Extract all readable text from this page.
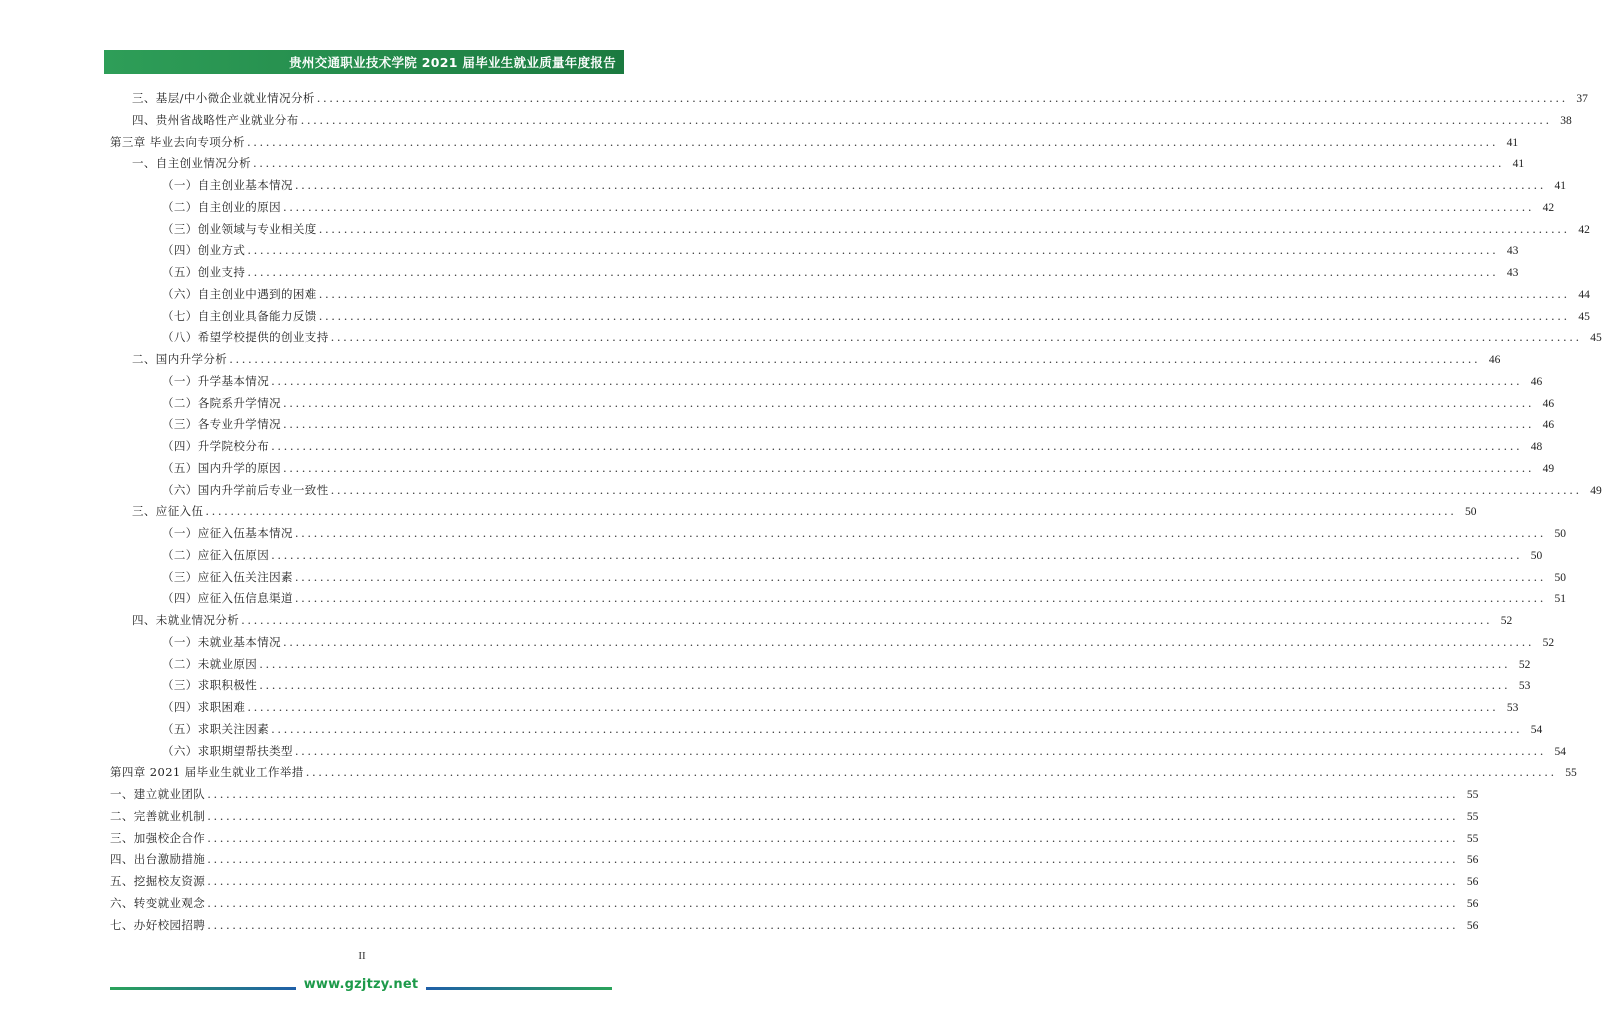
贵州交通职业技术学院 2021 届毕业生就业质量年度报告
三、基层/中小微企业就业情况分析 ........................................................................................................................................................................................................ 37
四、贵州省战略性产业就业分布 ........................................................................................................................................................................................................ 38
第三章 毕业去向专项分析 ........................................................................................................................................................................................................ 41
一、自主创业情况分析 ........................................................................................................................................................................................................ 41
（一）自主创业基本情况 ........................................................................................................................................................................................................ 41
（二）自主创业的原因 ........................................................................................................................................................................................................ 42
（三）创业领域与专业相关度 ........................................................................................................................................................................................................ 42
（四）创业方式 ........................................................................................................................................................................................................ 43
（五）创业支持 ........................................................................................................................................................................................................ 43
（六）自主创业中遇到的困难 ........................................................................................................................................................................................................ 44
（七）自主创业具备能力反馈 ........................................................................................................................................................................................................ 45
（八）希望学校提供的创业支持 ........................................................................................................................................................................................................ 45
二、国内升学分析 ........................................................................................................................................................................................................ 46
（一）升学基本情况 ........................................................................................................................................................................................................ 46
（二）各院系升学情况 ........................................................................................................................................................................................................ 46
（三）各专业升学情况 ........................................................................................................................................................................................................ 46
（四）升学院校分布 ........................................................................................................................................................................................................ 48
（五）国内升学的原因 ........................................................................................................................................................................................................ 49
（六）国内升学前后专业一致性 ........................................................................................................................................................................................................ 49
三、应征入伍 ........................................................................................................................................................................................................ 50
（一）应征入伍基本情况 ........................................................................................................................................................................................................ 50
（二）应征入伍原因 ........................................................................................................................................................................................................ 50
（三）应征入伍关注因素 ........................................................................................................................................................................................................ 50
（四）应征入伍信息渠道 ........................................................................................................................................................................................................ 51
四、未就业情况分析 ........................................................................................................................................................................................................ 52
（一）未就业基本情况 ........................................................................................................................................................................................................ 52
（二）未就业原因 ........................................................................................................................................................................................................ 52
（三）求职积极性 ........................................................................................................................................................................................................ 53
（四）求职困难 ........................................................................................................................................................................................................ 53
（五）求职关注因素 ........................................................................................................................................................................................................ 54
（六）求职期望帮扶类型 ........................................................................................................................................................................................................ 54
第四章 2021 届毕业生就业工作举措 ........................................................................................................................................................................................................ 55
一、建立就业团队 ........................................................................................................................................................................................................ 55
二、完善就业机制 ........................................................................................................................................................................................................ 55
三、加强校企合作 ........................................................................................................................................................................................................ 55
四、出台激励措施 ........................................................................................................................................................................................................ 56
五、挖掘校友资源 ........................................................................................................................................................................................................ 56
六、转变就业观念 ........................................................................................................................................................................................................ 56
七、办好校园招聘 ........................................................................................................................................................................................................ 56
II
www.gzjtzy.net
